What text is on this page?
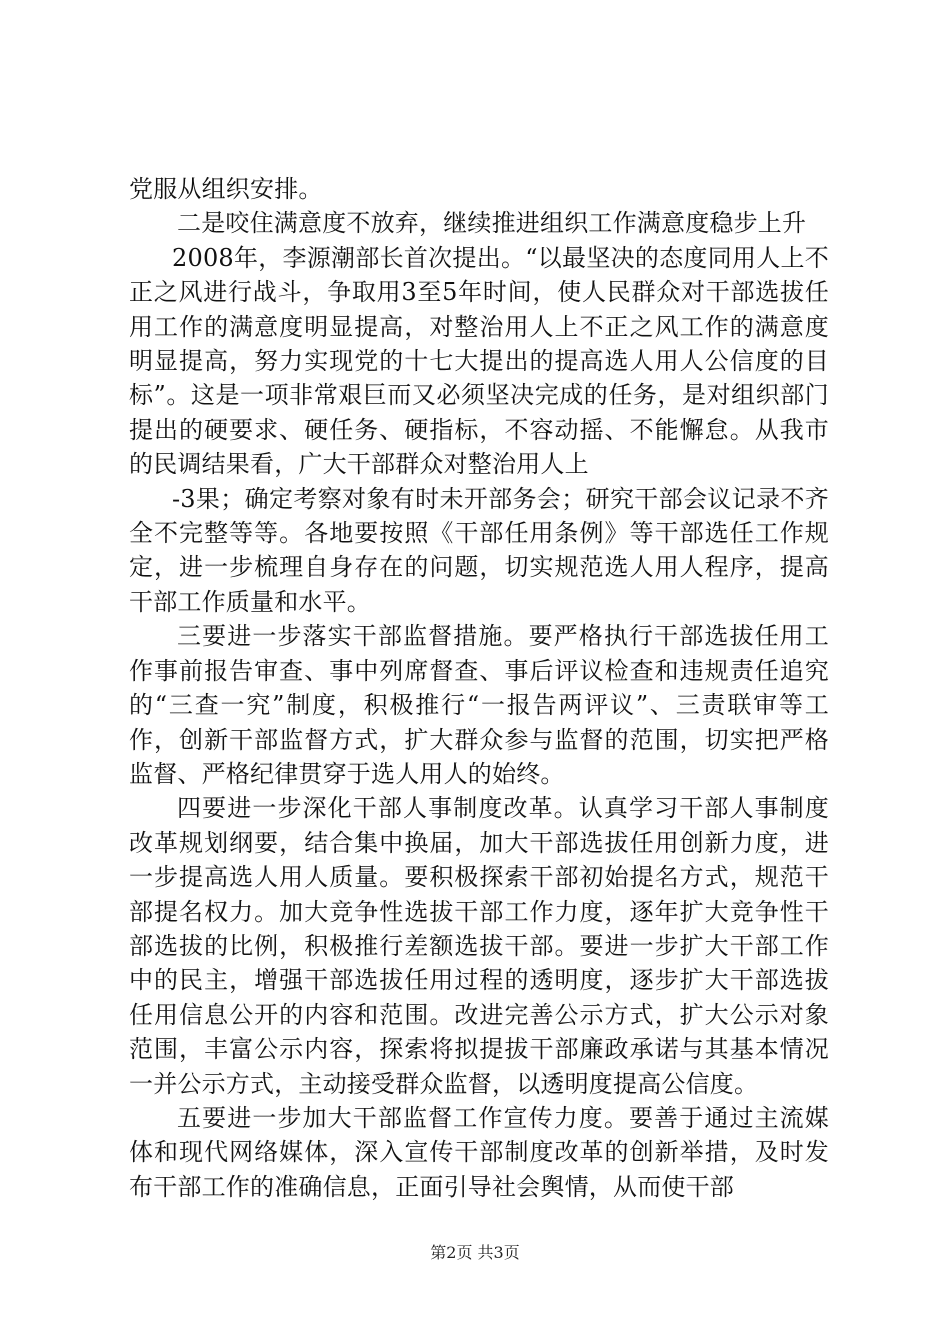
党服从组织安排。

二是咬住满意度不放弃，继续推进组织工作满意度稳步上升

2008年，李源潮部长首次提出。“以最坚决的态度同用人上不正之风进行战斗，争取用3至5年时间，使人民群众对干部选拔任用工作的满意度明显提高，对整治用人上不正之风工作的满意度明显提高，努力实现党的十七大提出的提高选人用人公信度的目标”。这是一项非常艰巨而又必须坚决完成的任务，是对组织部门提出的硬要求、硬任务、硬指标，不容动摇、不能懈怠。从我市的民调结果看，广大干部群众对整治用人上

-3果；确定考察对象有时未开部务会；研究干部会议记录不齐全不完整等等。各地要按照《干部任用条例》等干部选任工作规定，进一步梳理自身存在的问题，切实规范选人用人程序，提高干部工作质量和水平。

三要进一步落实干部监督措施。要严格执行干部选拔任用工作事前报告审查、事中列席督查、事后评议检查和违规责任追究的“三查一究”制度，积极推行“一报告两评议”、三责联审等工作，创新干部监督方式，扩大群众参与监督的范围，切实把严格监督、严格纪律贯穿于选人用人的始终。

四要进一步深化干部人事制度改革。认真学习干部人事制度改革规划纲要，结合集中换届，加大干部选拔任用创新力度，进一步提高选人用人质量。要积极探索干部初始提名方式，规范干部提名权力。加大竞争性选拔干部工作力度，逐年扩大竞争性干部选拔的比例，积极推行差额选拔干部。要进一步扩大干部工作中的民主，增强干部选拔任用过程的透明度，逐步扩大干部选拔任用信息公开的内容和范围。改进完善公示方式，扩大公示对象范围，丰富公示内容，探索将拟提拔干部廉政承诺与其基本情况一并公示方式，主动接受群众监督，以透明度提高公信度。

五要进一步加大干部监督工作宣传力度。要善于通过主流媒体和现代网络媒体，深入宣传干部制度改革的创新举措，及时发布干部工作的准确信息，正面引导社会舆情，从而使干部

第2页 共3页
